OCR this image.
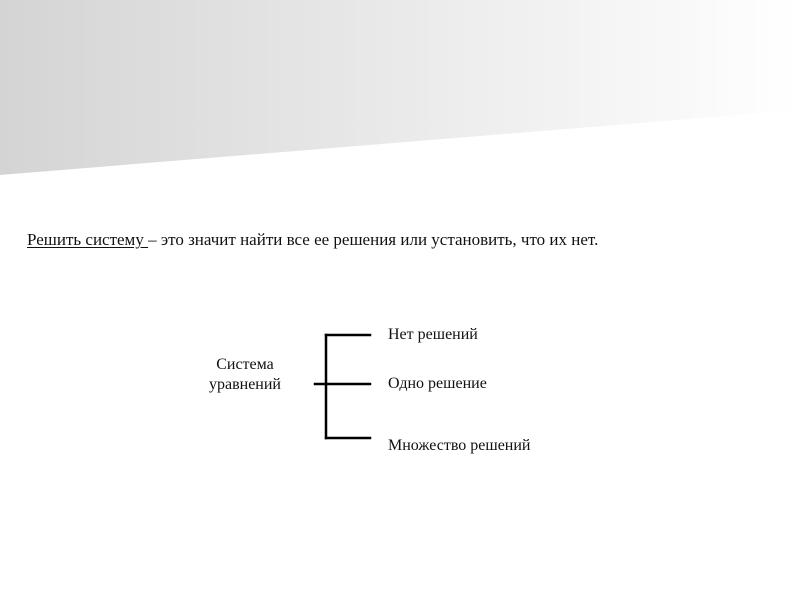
Решить систему – это значит найти все ее решения или установить, что их нет.
Система
уравнений
Нет решений
Одно решение
Множество решений
